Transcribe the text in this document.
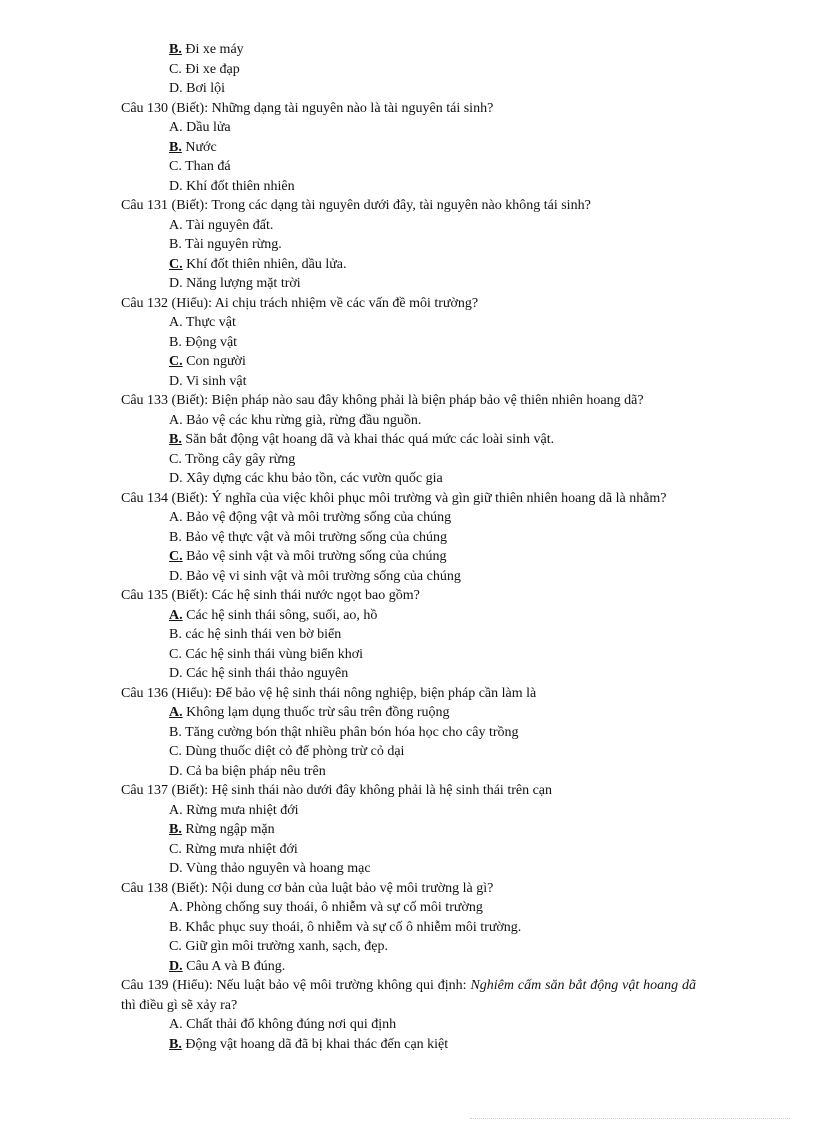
B. Đi xe máy
C. Đi xe đạp
D. Bơi lội
Câu 130 (Biết): Những dạng tài nguyên nào là tài nguyên tái sinh?
A. Dầu lửa
B. Nước
C. Than đá
D. Khí đốt thiên nhiên
Câu 131 (Biết): Trong các dạng tài nguyên dưới đây, tài nguyên nào không tái sinh?
A. Tài nguyên đất.
B. Tài nguyên rừng.
C. Khí đốt thiên nhiên, dầu lửa.
D. Năng lượng mặt trời
Câu 132 (Hiểu): Ai chịu trách nhiệm về các vấn đề môi trường?
A. Thực vật
B. Động vật
C. Con người
D. Vi sinh vật
Câu 133 (Biết): Biện pháp nào sau đây không phải là biện pháp bảo vệ thiên nhiên hoang dã?
A. Bảo vệ các khu rừng già, rừng đầu nguồn.
B. Săn bắt động vật hoang dã và khai thác quá mức các loài sinh vật.
C. Trồng cây gây rừng
D. Xây dựng các khu bảo tồn, các vườn quốc gia
Câu 134 (Biết): Ý nghĩa của việc khôi phục môi trường và gìn giữ thiên nhiên hoang dã là nhằm?
A. Bảo vệ động vật và môi trường sống của chúng
B. Bảo vệ thực vật và môi trường sống của chúng
C. Bảo vệ sinh vật và môi trường sống của chúng
D. Bảo vệ vi sinh vật và môi trường sống của chúng
Câu 135 (Biết): Các hệ sinh thái nước ngọt bao gồm?
A. Các hệ sinh thái sông, suối, ao, hồ
B. các hệ sinh thái ven bờ biển
C. Các hệ sinh thái vùng biển khơi
D. Các hệ sinh thái thảo nguyên
Câu 136 (Hiểu): Để bảo vệ hệ sinh thái nông nghiệp, biện pháp cần làm là
A. Không lạm dụng thuốc trừ sâu trên đồng ruộng
B. Tăng cường bón thật nhiều phân bón hóa học cho cây trồng
C. Dùng thuốc diệt cỏ để phòng trừ cỏ dại
D. Cả ba biện pháp nêu trên
Câu 137 (Biết): Hệ sinh thái nào dưới đây không phải là hệ sinh thái trên cạn
A. Rừng mưa nhiệt đới
B. Rừng ngập mặn
C. Rừng mưa nhiệt đới
D. Vùng thảo nguyên và hoang mạc
Câu 138 (Biết): Nội dung cơ bản của luật bảo vệ môi trường là gì?
A. Phòng chống suy thoái, ô nhiễm và sự cố môi trường
B. Khắc phục suy thoái, ô nhiễm và sự cố ô nhiễm môi trường.
C. Giữ gìn môi trường xanh, sạch, đẹp.
D. Câu A và B đúng.
Câu 139 (Hiểu): Nếu luật bảo vệ môi trường không qui định: Nghiêm cấm săn bắt động vật hoang dã thì điều gì sẽ xảy ra?
A. Chất thải đổ không đúng nơi qui định
B. Động vật hoang dã đã bị khai thác đến cạn kiệt
